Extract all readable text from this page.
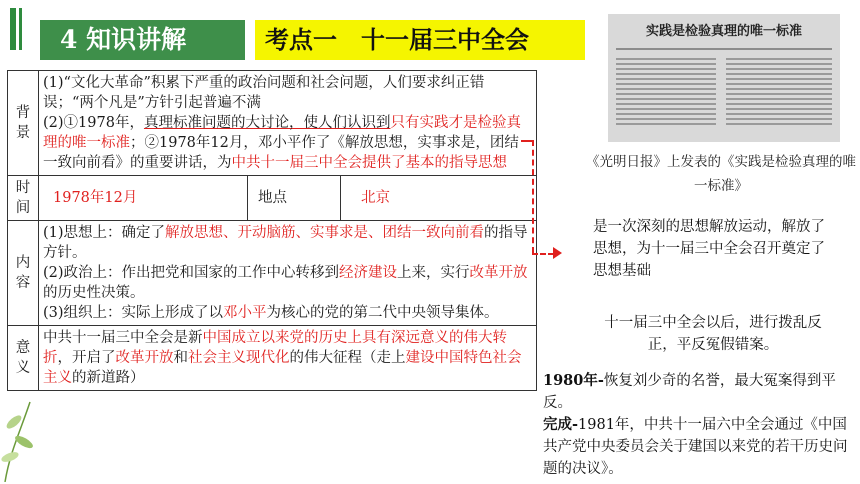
4 知识讲解	考点一　十一届三中全会
背景	(1)“文化大革命”积累下严重的政治问题和社会问题，人们要求纠正错误；“两个凡是”方针引起普遍不满
(2)①1978年，真理标准问题的大讨论，使人们认识到只有实践才是检验真理的唯一标准；②1978年12月，邓小平作了《解放思想，实事求是，团结一致向前看》的重要讲话，为中共十一届三中全会提供了基本的指导思想		
时间	1978年12月	地点	北京
内容	(1)思想上：确定了解放思想、开动脑筋、实事求是、团结一致向前看的指导方针。
(2)政治上：作出把党和国家的工作中心转移到经济建设上来，实行改革开放的历史性决策。
(3)组织上：实际上形成了以邓小平为核心的党的第二代中央领导集体。		
意义	中共十一届三中全会是新中国成立以来党的历史上具有深远意义的伟大转折，开启了改革开放和社会主义现代化的伟大征程（走上建设中国特色社会主义的新道路）		
实践是检验真理的唯一标准
《光明日报》上发表的《实践是检验真理的唯一标准》
是一次深刻的思想解放运动，解放了思想，为十一届三中全会召开奠定了思想基础
十一届三中全会以后，进行拨乱反正，平反冤假错案。
1980年-恢复刘少奇的名誉，最大冤案得到平反。
完成-1981年，中共十一届六中全会通过《中国共产党中央委员会关于建国以来党的若干历史问题的决议》。
